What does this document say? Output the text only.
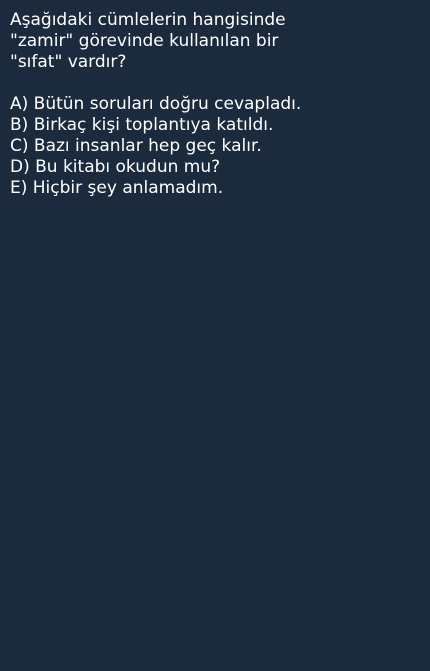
Aşağıdaki cümlelerin hangisinde
"zamir" görevinde kullanılan bir
"sıfat" vardır?
A) Bütün soruları doğru cevapladı.
B) Birkaç kişi toplantıya katıldı.
C) Bazı insanlar hep geç kalır.
D) Bu kitabı okudun mu?
E) Hiçbir şey anlamadım.
